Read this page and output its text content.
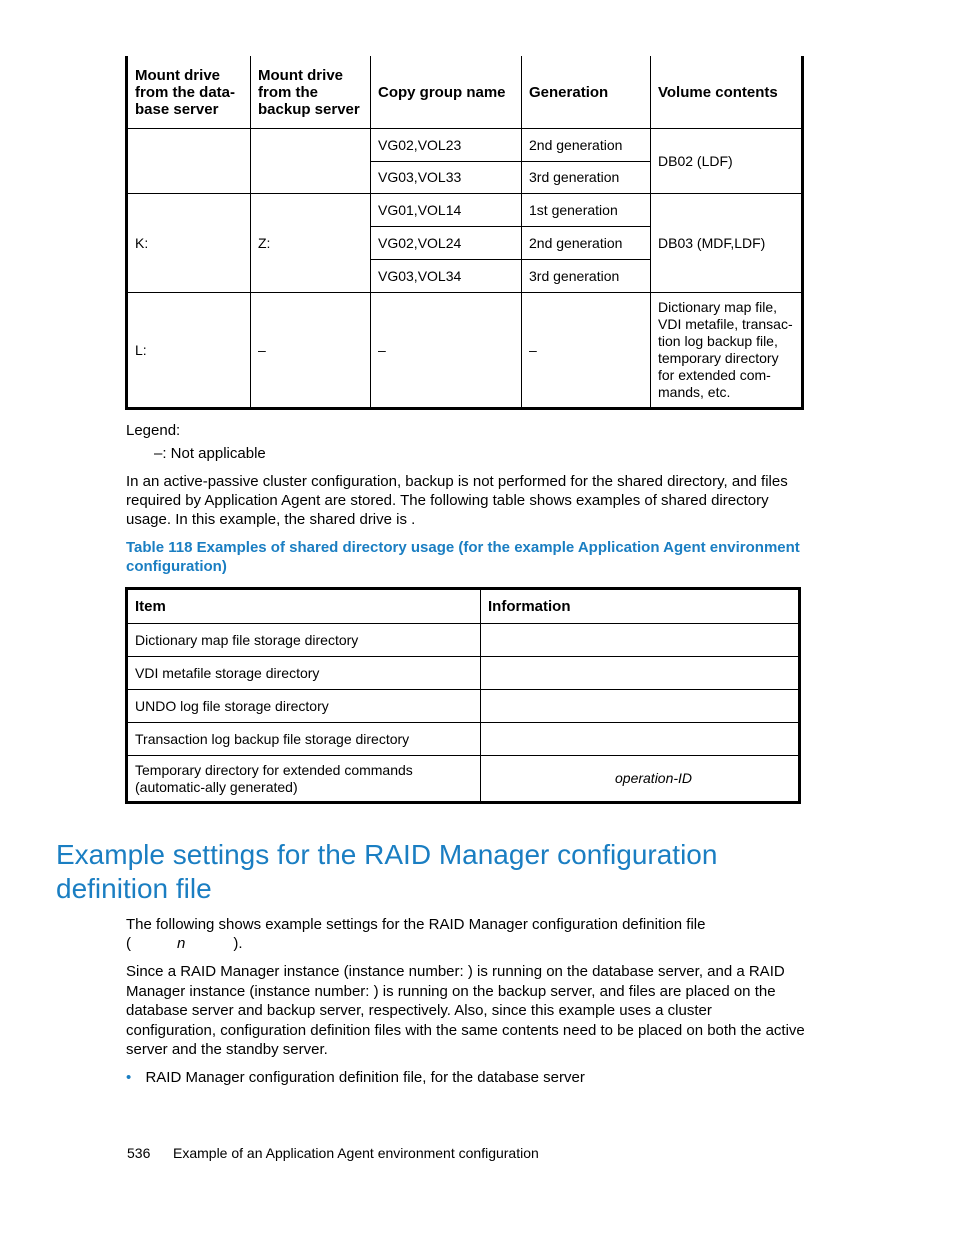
Mount drive from the data-base server	Mount drive from the backup server	Copy group name	Generation	Volume contents
		VG02,VOL23	2nd generation	DB02 (LDF)
		VG03,VOL33	3rd generation	
K:	Z:	VG01,VOL14	1st generation	DB03 (MDF,LDF)
		VG02,VOL24	2nd generation	
		VG03,VOL34	3rd generation	
L:	–	–	–	Dictionary map file, VDI metafile, transac-tion log backup file, temporary directory for extended com-mands, etc.
Legend:
–: Not applicable
In an active-passive cluster configuration, backup is not performed for the shared directory, and files required by Application Agent are stored. The following table shows examples of shared directory usage. In this example, the shared drive is .
Table 118 Examples of shared directory usage (for the example Application Agent environment configuration)
Item	Information
Dictionary map file storage directory	
VDI metafile storage directory	
UNDO log file storage directory	
Transaction log backup file storage directory	
Temporary directory for extended commands (automatic-ally generated)	operation-ID
Example settings for the RAID Manager configuration definition file
The following shows example settings for the RAID Manager configuration definition file
(	n	).
Since a RAID Manager instance (instance number: ) is running on the database server, and a RAID Manager instance (instance number: ) is running on the backup server, and files are placed on the database server and backup server, respectively. Also, since this example uses a cluster configuration, configuration definition files with the same contents need to be placed on both the active server and the standby server.
• RAID Manager configuration definition file, for the database server
536 Example of an Application Agent environment configuration
